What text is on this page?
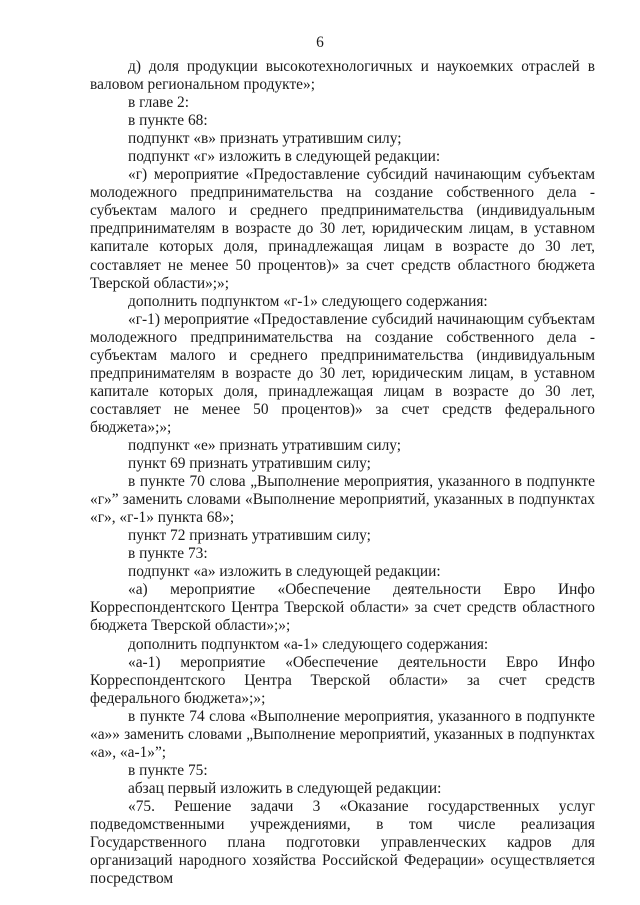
6

д) доля продукции высокотехнологичных и наукоемких отраслей в валовом региональном продукте»;

в главе 2:

в пункте 68:

подпункт «в» признать утратившим силу;

подпункт «г» изложить в следующей редакции:

«г) мероприятие «Предоставление субсидий начинающим субъектам молодежного предпринимательства на создание собственного дела - субъектам малого и среднего предпринимательства (индивидуальным предпринимателям в возрасте до 30 лет, юридическим лицам, в уставном капитале которых доля, принадлежащая лицам в возрасте до 30 лет, составляет не менее 50 процентов)» за счет средств областного бюджета Тверской области»;»;

дополнить подпунктом «г-1» следующего содержания:

«г-1) мероприятие «Предоставление субсидий начинающим субъектам молодежного предпринимательства на создание собственного дела - субъектам малого и среднего предпринимательства (индивидуальным предпринимателям в возрасте до 30 лет, юридическим лицам, в уставном капитале которых доля, принадлежащая лицам в возрасте до 30 лет, составляет не менее 50 процентов)» за счет средств федерального бюджета»;»;

подпункт «е» признать утратившим силу;

пункт 69 признать утратившим силу;

в пункте 70 слова „Выполнение мероприятия, указанного в подпункте «г»” заменить словами «Выполнение мероприятий, указанных в подпунктах «г», «г-1» пункта 68»;

пункт 72 признать утратившим силу;

в пункте 73:

подпункт «а» изложить в следующей редакции:

«а) мероприятие «Обеспечение деятельности Евро Инфо Корреспондентского Центра Тверской области» за счет средств областного бюджета Тверской области»;»;

дополнить подпунктом «а-1» следующего содержания:

«а-1) мероприятие «Обеспечение деятельности Евро Инфо Корреспондентского Центра Тверской области» за счет средств федерального бюджета»;»;

в пункте 74 слова «Выполнение мероприятия, указанного в подпункте «а»» заменить словами „Выполнение мероприятий, указанных в подпунктах «а», «а-1»”;

в пункте 75:

абзац первый изложить в следующей редакции:

«75. Решение задачи 3 «Оказание государственных услуг подведомственными учреждениями, в том числе реализация Государственного плана подготовки управленческих кадров для организаций народного хозяйства Российской Федерации» осуществляется посредством
